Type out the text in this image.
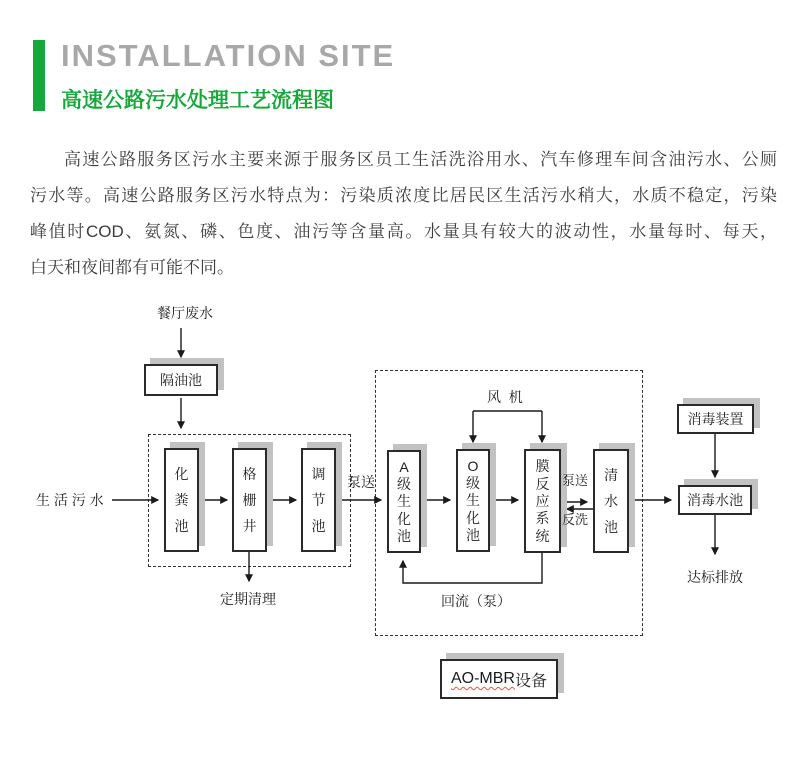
INSTALLATION SITE
高速公路污水处理工艺流程图
高速公路服务区污水主要来源于服务区员工生活洗浴用水、汽车修理车间含油污水、公厕
污水等。高速公路服务区污水特点为：污染质浓度比居民区生活污水稍大，水质不稳定，污染
峰值时COD、氨氮、磷、色度、油污等含量高。水量具有较大的波动性，水量每时、每天，
白天和夜间都有可能不同。
隔油池
化
粪
池
格
栅
井
调
节
池
A
级
生
化
池
O
级
生
化
池
膜
反
应
系
统
清
水
池
消毒装置
消毒水池
AO-MBR 设备
餐厅废水
生 活 污 水
泵送
定期清理
风  机
泵送
反洗
回流（泵）
达标排放
